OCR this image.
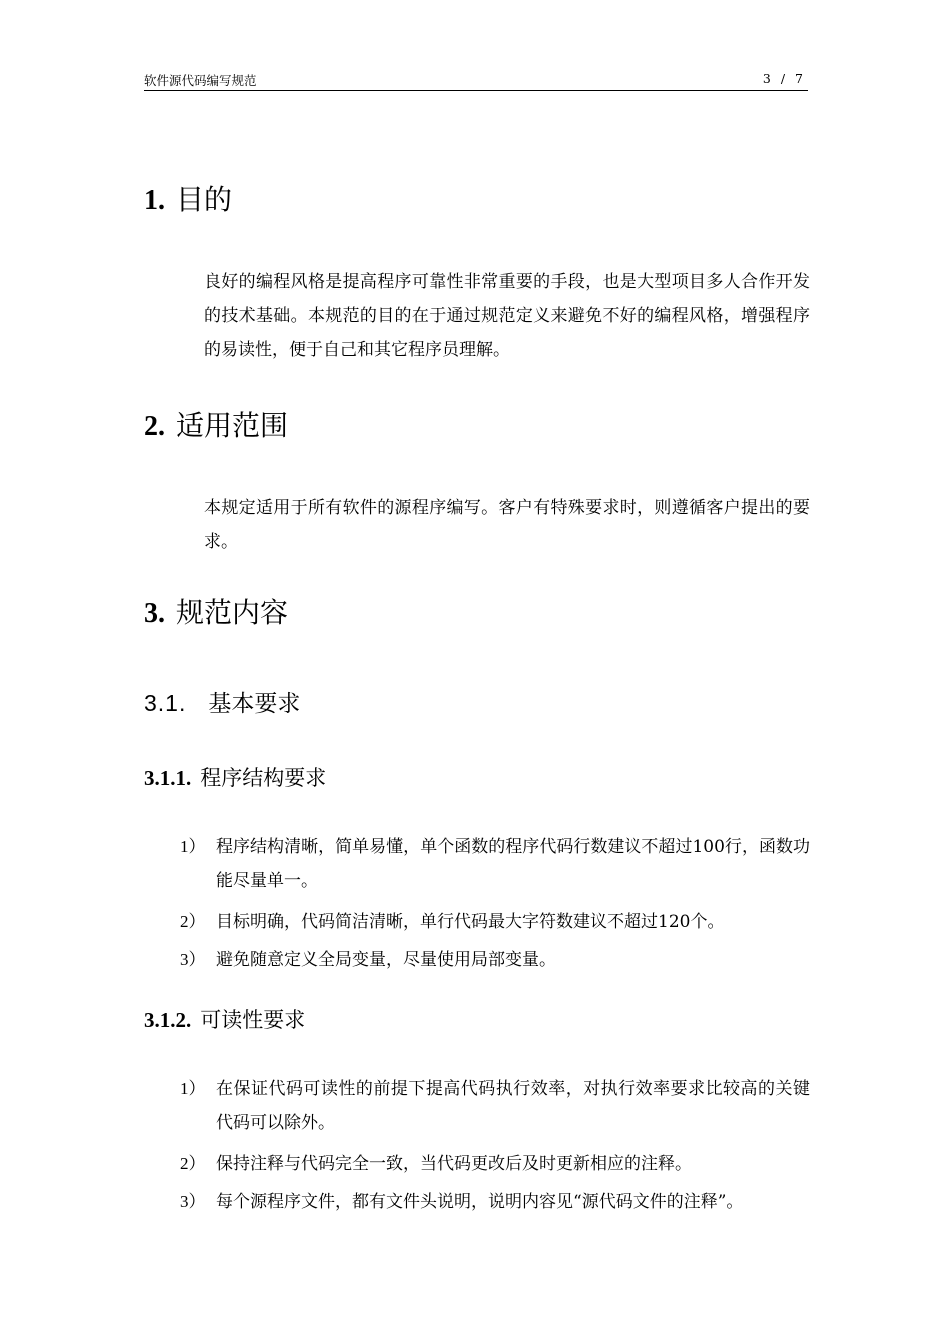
软件源代码编写规范	3 / 7
1. 目的
良好的编程风格是提高程序可靠性非常重要的手段，也是大型项目多人合作开发的技术基础。本规范的目的在于通过规范定义来避免不好的编程风格，增强程序的易读性，便于自己和其它程序员理解。
2. 适用范围
本规定适用于所有软件的源程序编写。客户有特殊要求时，则遵循客户提出的要求。
3. 规范内容
3.1. 基本要求
3.1.1. 程序结构要求
1） 程序结构清晰，简单易懂，单个函数的程序代码行数建议不超过100行，函数功能尽量单一。
2） 目标明确，代码简洁清晰，单行代码最大字符数建议不超过120个。
3） 避免随意定义全局变量，尽量使用局部变量。
3.1.2. 可读性要求
1） 在保证代码可读性的前提下提高代码执行效率，对执行效率要求比较高的关键代码可以除外。
2） 保持注释与代码完全一致，当代码更改后及时更新相应的注释。
3） 每个源程序文件，都有文件头说明，说明内容见“源代码文件的注释”。
